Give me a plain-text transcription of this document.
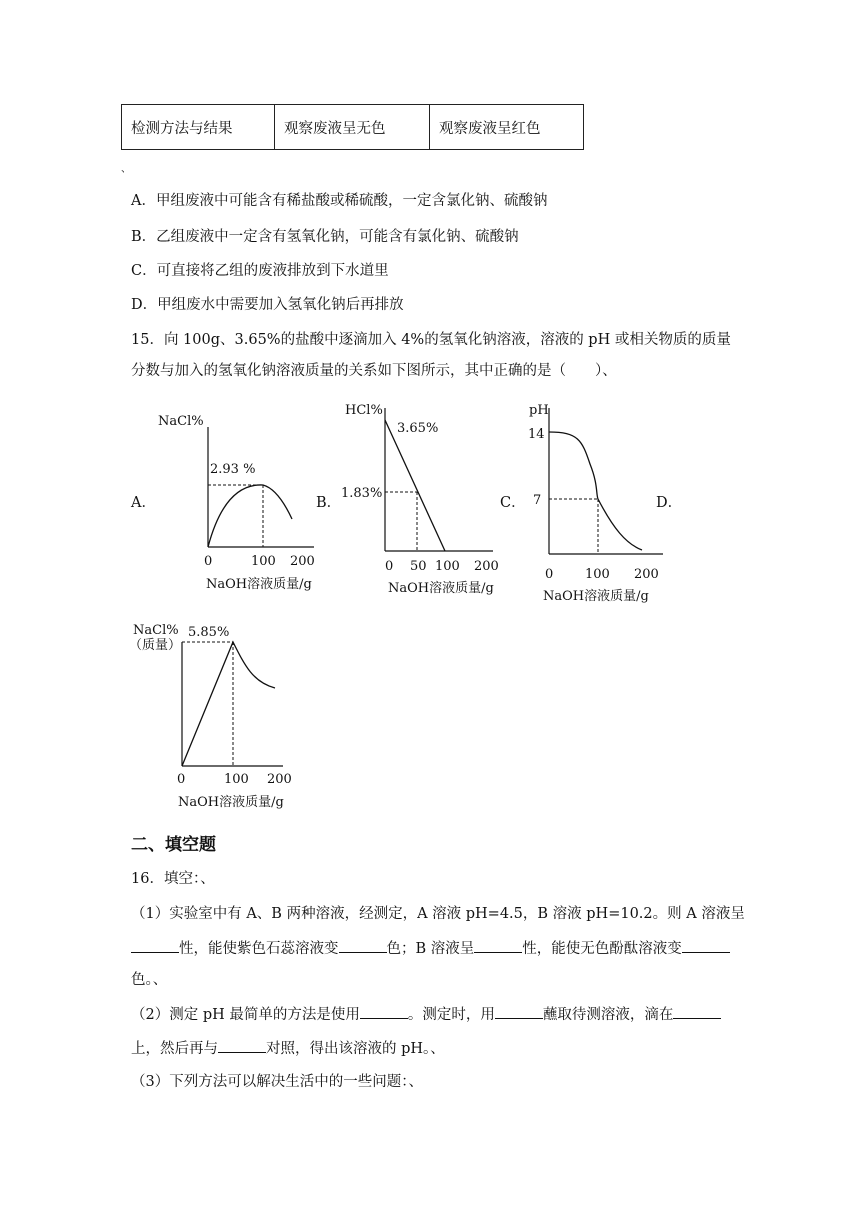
检测方法与结果	观察废液呈无色	观察废液呈红色
、
A．甲组废液中可能含有稀盐酸或稀硫酸，一定含氯化钠、硫酸钠
B．乙组废液中一定含有氢氧化钠，可能含有氯化钠、硫酸钠
C．可直接将乙组的废液排放到下水道里
D．甲组废水中需要加入氢氧化钠后再排放
15．向 100g、3.65%的盐酸中逐滴加入 4%的氢氧化钠溶液，溶液的 pH 或相关物质的质量
分数与加入的氢氧化钠溶液质量的关系如下图所示，其中正确的是（　　）、
A．	B．	C．	D．
NaCl%
2.93 %
0	100 200
NaOH溶液质量/g
HCl%
3.65%
1.83%
0 50 100 200
NaOH溶液质量/g
pH
14
7
0 100 200
NaOH溶液质量/g
NaCl%
（质量）
5.85%
0	100 200
NaOH溶液质量/g
二、填空题
16．填空：、
（1）实验室中有 A、B 两种溶液，经测定，A 溶液 pH=4.5，B 溶液 pH=10.2。则 A 溶液呈
性，能使紫色石蕊溶液变	色；B 溶液呈	性，能使无色酚酞溶液变
色。、
（2）测定 pH 最简单的方法是使用	。测定时，用	蘸取待测溶液，滴在
上，然后再与	对照，得出该溶液的 pH。、
（3）下列方法可以解决生活中的一些问题：、
